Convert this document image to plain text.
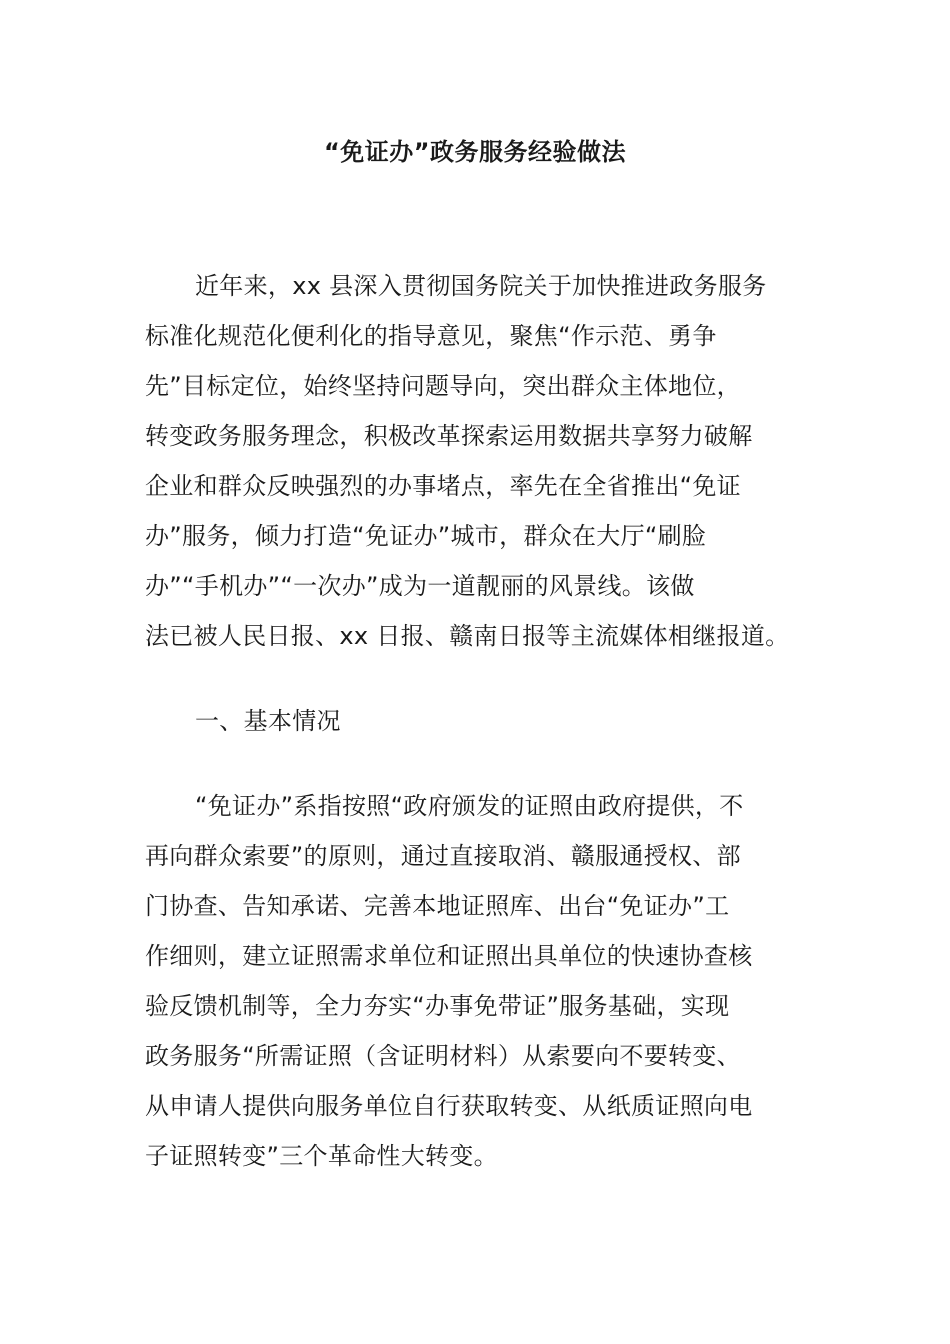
“免证办”政务服务经验做法
近年来，xx 县深入贯彻国务院关于加快推进政务服务
标准化规范化便利化的指导意见，聚焦“作示范、勇争
先”目标定位，始终坚持问题导向，突出群众主体地位，
转变政务服务理念，积极改革探索运用数据共享努力破解
企业和群众反映强烈的办事堵点，率先在全省推出“免证
办”服务，倾力打造“免证办”城市，群众在大厅“刷脸
办”“手机办”“一次办”成为一道靓丽的风景线。该做
法已被人民日报、xx 日报、赣南日报等主流媒体相继报道。
一、基本情况
“免证办”系指按照“政府颁发的证照由政府提供，不
再向群众索要”的原则，通过直接取消、赣服通授权、部
门协查、告知承诺、完善本地证照库、出台“免证办”工
作细则，建立证照需求单位和证照出具单位的快速协查核
验反馈机制等，全力夯实“办事免带证”服务基础，实现
政务服务“所需证照（含证明材料）从索要向不要转变、
从申请人提供向服务单位自行获取转变、从纸质证照向电
子证照转变”三个革命性大转变。
